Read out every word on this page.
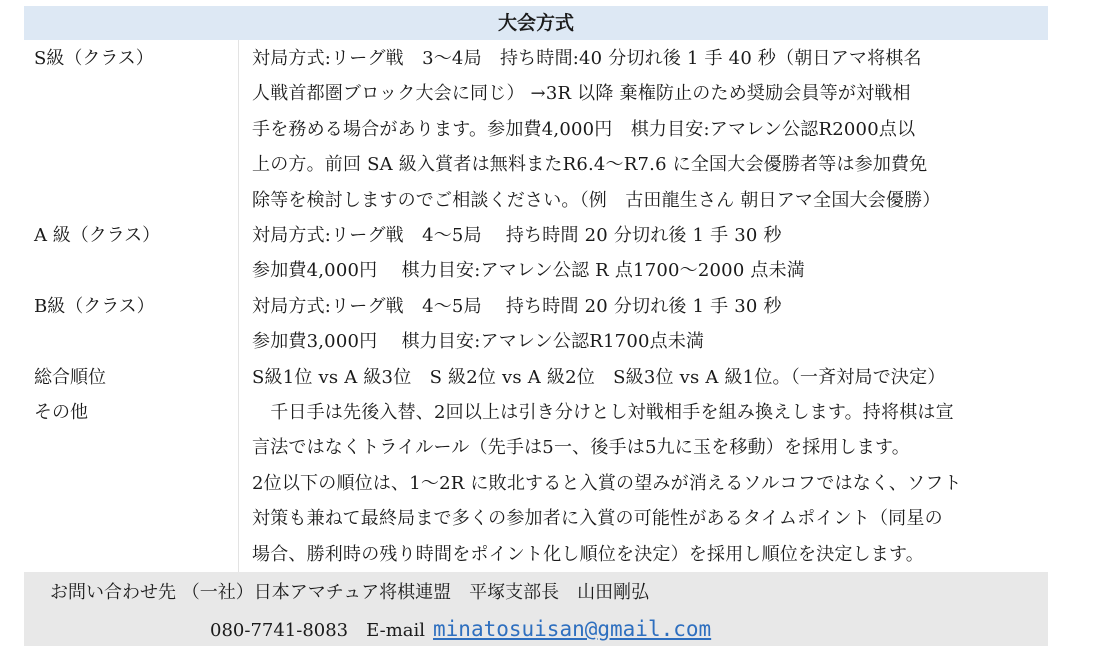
大会方式
S級（クラス）	対局方式:リーグ戦　3～4局　持ち時間:40 分切れ後 1 手 40 秒（朝日アマ将棋名
人戦首都圏ブロック大会に同じ） →3R 以降 棄権防止のため奨励会員等が対戦相
手を務める場合があります。参加費4,000円　棋力目安:アマレン公認R2000点以
上の方。前回 SA 級入賞者は無料またR6.4～R7.6 に全国大会優勝者等は参加費免
除等を検討しますのでご相談ください。（例　古田龍生さん 朝日アマ全国大会優勝）
A 級（クラス）	対局方式:リーグ戦　4～5局　 持ち時間 20 分切れ後 1 手 30 秒
参加費4,000円　 棋力目安:アマレン公認 R 点1700～2000 点未満
B級（クラス）	対局方式:リーグ戦　4～5局　 持ち時間 20 分切れ後 1 手 30 秒
参加費3,000円　 棋力目安:アマレン公認R1700点未満
総合順位	S級1位 vs A 級3位　S 級2位 vs A 級2位　S級3位 vs A 級1位。（一斉対局で決定）
その他	　千日手は先後入替、2回以上は引き分けとし対戦相手を組み換えします。持将棋は宣
言法ではなくトライルール（先手は5一、後手は5九に玉を移動）を採用します。
2位以下の順位は、1～2R に敗北すると入賞の望みが消えるソルコフではなく、ソフト
対策も兼ねて最終局まで多くの参加者に入賞の可能性があるタイムポイント（同星の
場合、勝利時の残り時間をポイント化し順位を決定）を採用し順位を決定します。
お問い合わせ先 （一社）日本アマチュア将棋連盟　平塚支部長　山田剛弘
080-7741-8083　E-mail minatosuisan@gmail.com
